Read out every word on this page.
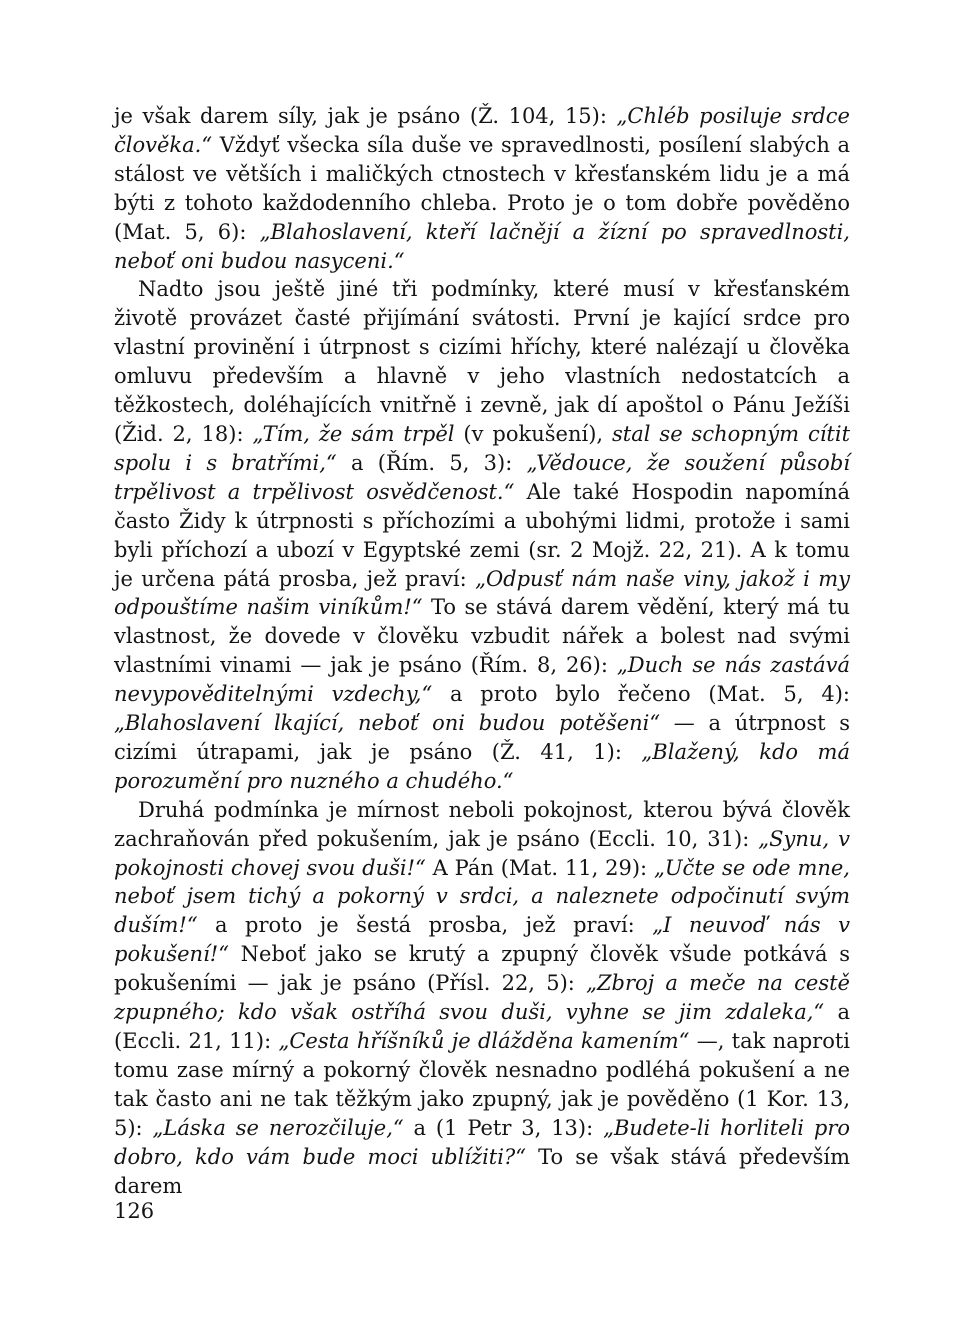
je však darem síly, jak je psáno (Ž. 104, 15): „Chléb posiluje srdce člověka.“ Vždyť všecka síla duše ve spravedlnosti, posílení slabých a stálost ve větších i maličkých ctnostech v křesťanském lidu je a má býti z tohoto každodenního chleba. Proto je o tom dobře pověděno (Mat. 5, 6): „Blahoslavení, kteří lačnějí a žízní po spravedlnosti, neboť oni budou nasyceni.“

Nadto jsou ještě jiné tři podmínky, které musí v křesťanském životě provázet časté přijímání svátosti. První je kající srdce pro vlastní provinění i útrpnost s cizími hříchy, které nalézají u člověka omluvu především a hlavně v jeho vlastních nedostatcích a těžkostech, doléhajících vnitřně i zevně, jak dí apoštol o Pánu Ježíši (Žid. 2, 18): „Tím, že sám trpěl (v pokušení), stal se schopným cítit spolu i s bratřími,“ a (Řím. 5, 3): „Vědouce, že soužení působí trpělivost a trpělivost osvědčenost.“ Ale také Hospodin napomíná často Židy k útrpnosti s příchozími a ubohými lidmi, protože i sami byli příchozí a ubozí v Egyptské zemi (sr. 2 Mojž. 22, 21). A k tomu je určena pátá prosba, jež praví: „Odpusť nám naše viny, jakož i my odpouštíme našim viníkům!“ To se stává darem vědění, který má tu vlastnost, že dovede v člověku vzbudit nářek a bolest nad svými vlastními vinami — jak je psáno (Řím. 8, 26): „Duch se nás zastává nevypověditelnými vzdechy,“ a proto bylo řečeno (Mat. 5, 4): „Blahoslavení lkající, neboť oni budou potěšeni“ — a útrpnost s cizími útrapami, jak je psáno (Ž. 41, 1): „Blažený, kdo má porozumění pro nuzného a chudého.“

Druhá podmínka je mírnost neboli pokojnost, kterou bývá člověk zachraňován před pokušením, jak je psáno (Eccli. 10, 31): „Synu, v pokojnosti chovej svou duši!“ A Pán (Mat. 11, 29): „Učte se ode mne, neboť jsem tichý a pokorný v srdci, a naleznete odpočinutí svým duším!“ a proto je šestá prosba, jež praví: „I neuvoď nás v pokušení!“ Neboť jako se krutý a zpupný člověk všude potkává s pokušeními — jak je psáno (Přísl. 22, 5): „Zbroj a meče na cestě zpupného; kdo však ostříhá svou duši, vyhne se jim zdaleka,“ a (Eccli. 21, 11): „Cesta hříšníků je dlážděna kamením“ —, tak naproti tomu zase mírný a pokorný člověk nesnadno podléhá pokušení a ne tak často ani ne tak těžkým jako zpupný, jak je pověděno (1 Kor. 13, 5): „Láska se nerozčiluje,“ a (1 Petr 3, 13): „Budete-li horliteli pro dobro, kdo vám bude moci ublížiti?“ To se však stává především darem

126
